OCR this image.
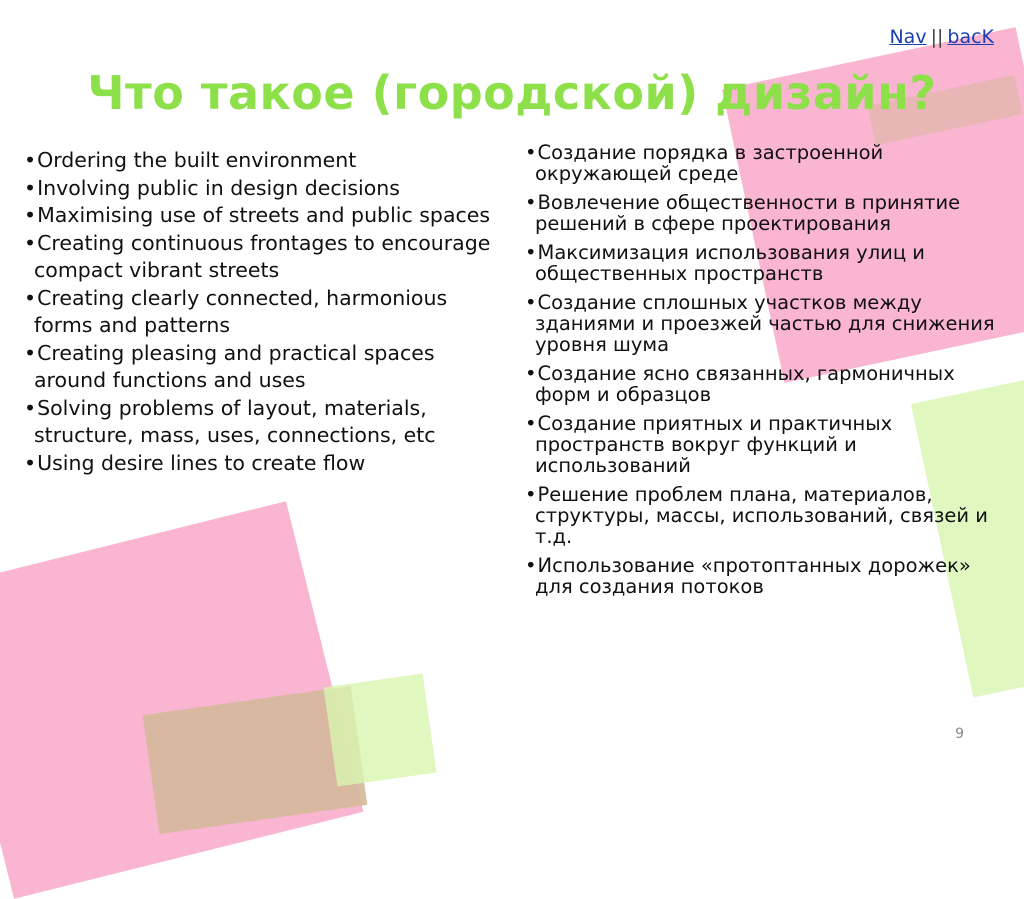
Nav || bacK
Что такое (городской) дизайн?
• Ordering the built environment
• Involving public in design decisions
• Maximising use of streets and public spaces
• Creating continuous frontages to encourage compact vibrant streets
• Creating clearly connected, harmonious forms and patterns
• Creating pleasing and practical spaces around functions and uses
• Solving problems of layout, materials, structure, mass, uses, connections, etc
• Using desire lines to create flow
• Создание порядка в застроенной окружающей среде
• Вовлечение общественности в принятие решений в сфере проектирования
• Максимизация использования улиц и общественных пространств
• Создание сплошных участков между зданиями и проезжей частью для снижения уровня шума
• Создание ясно связанных, гармоничных форм и образцов
• Создание приятных и практичных пространств вокруг функций и использований
• Решение проблем плана, материалов, структуры, массы, использований, связей и т.д.
• Использование «протоптанных дорожек» для создания потоков
9
